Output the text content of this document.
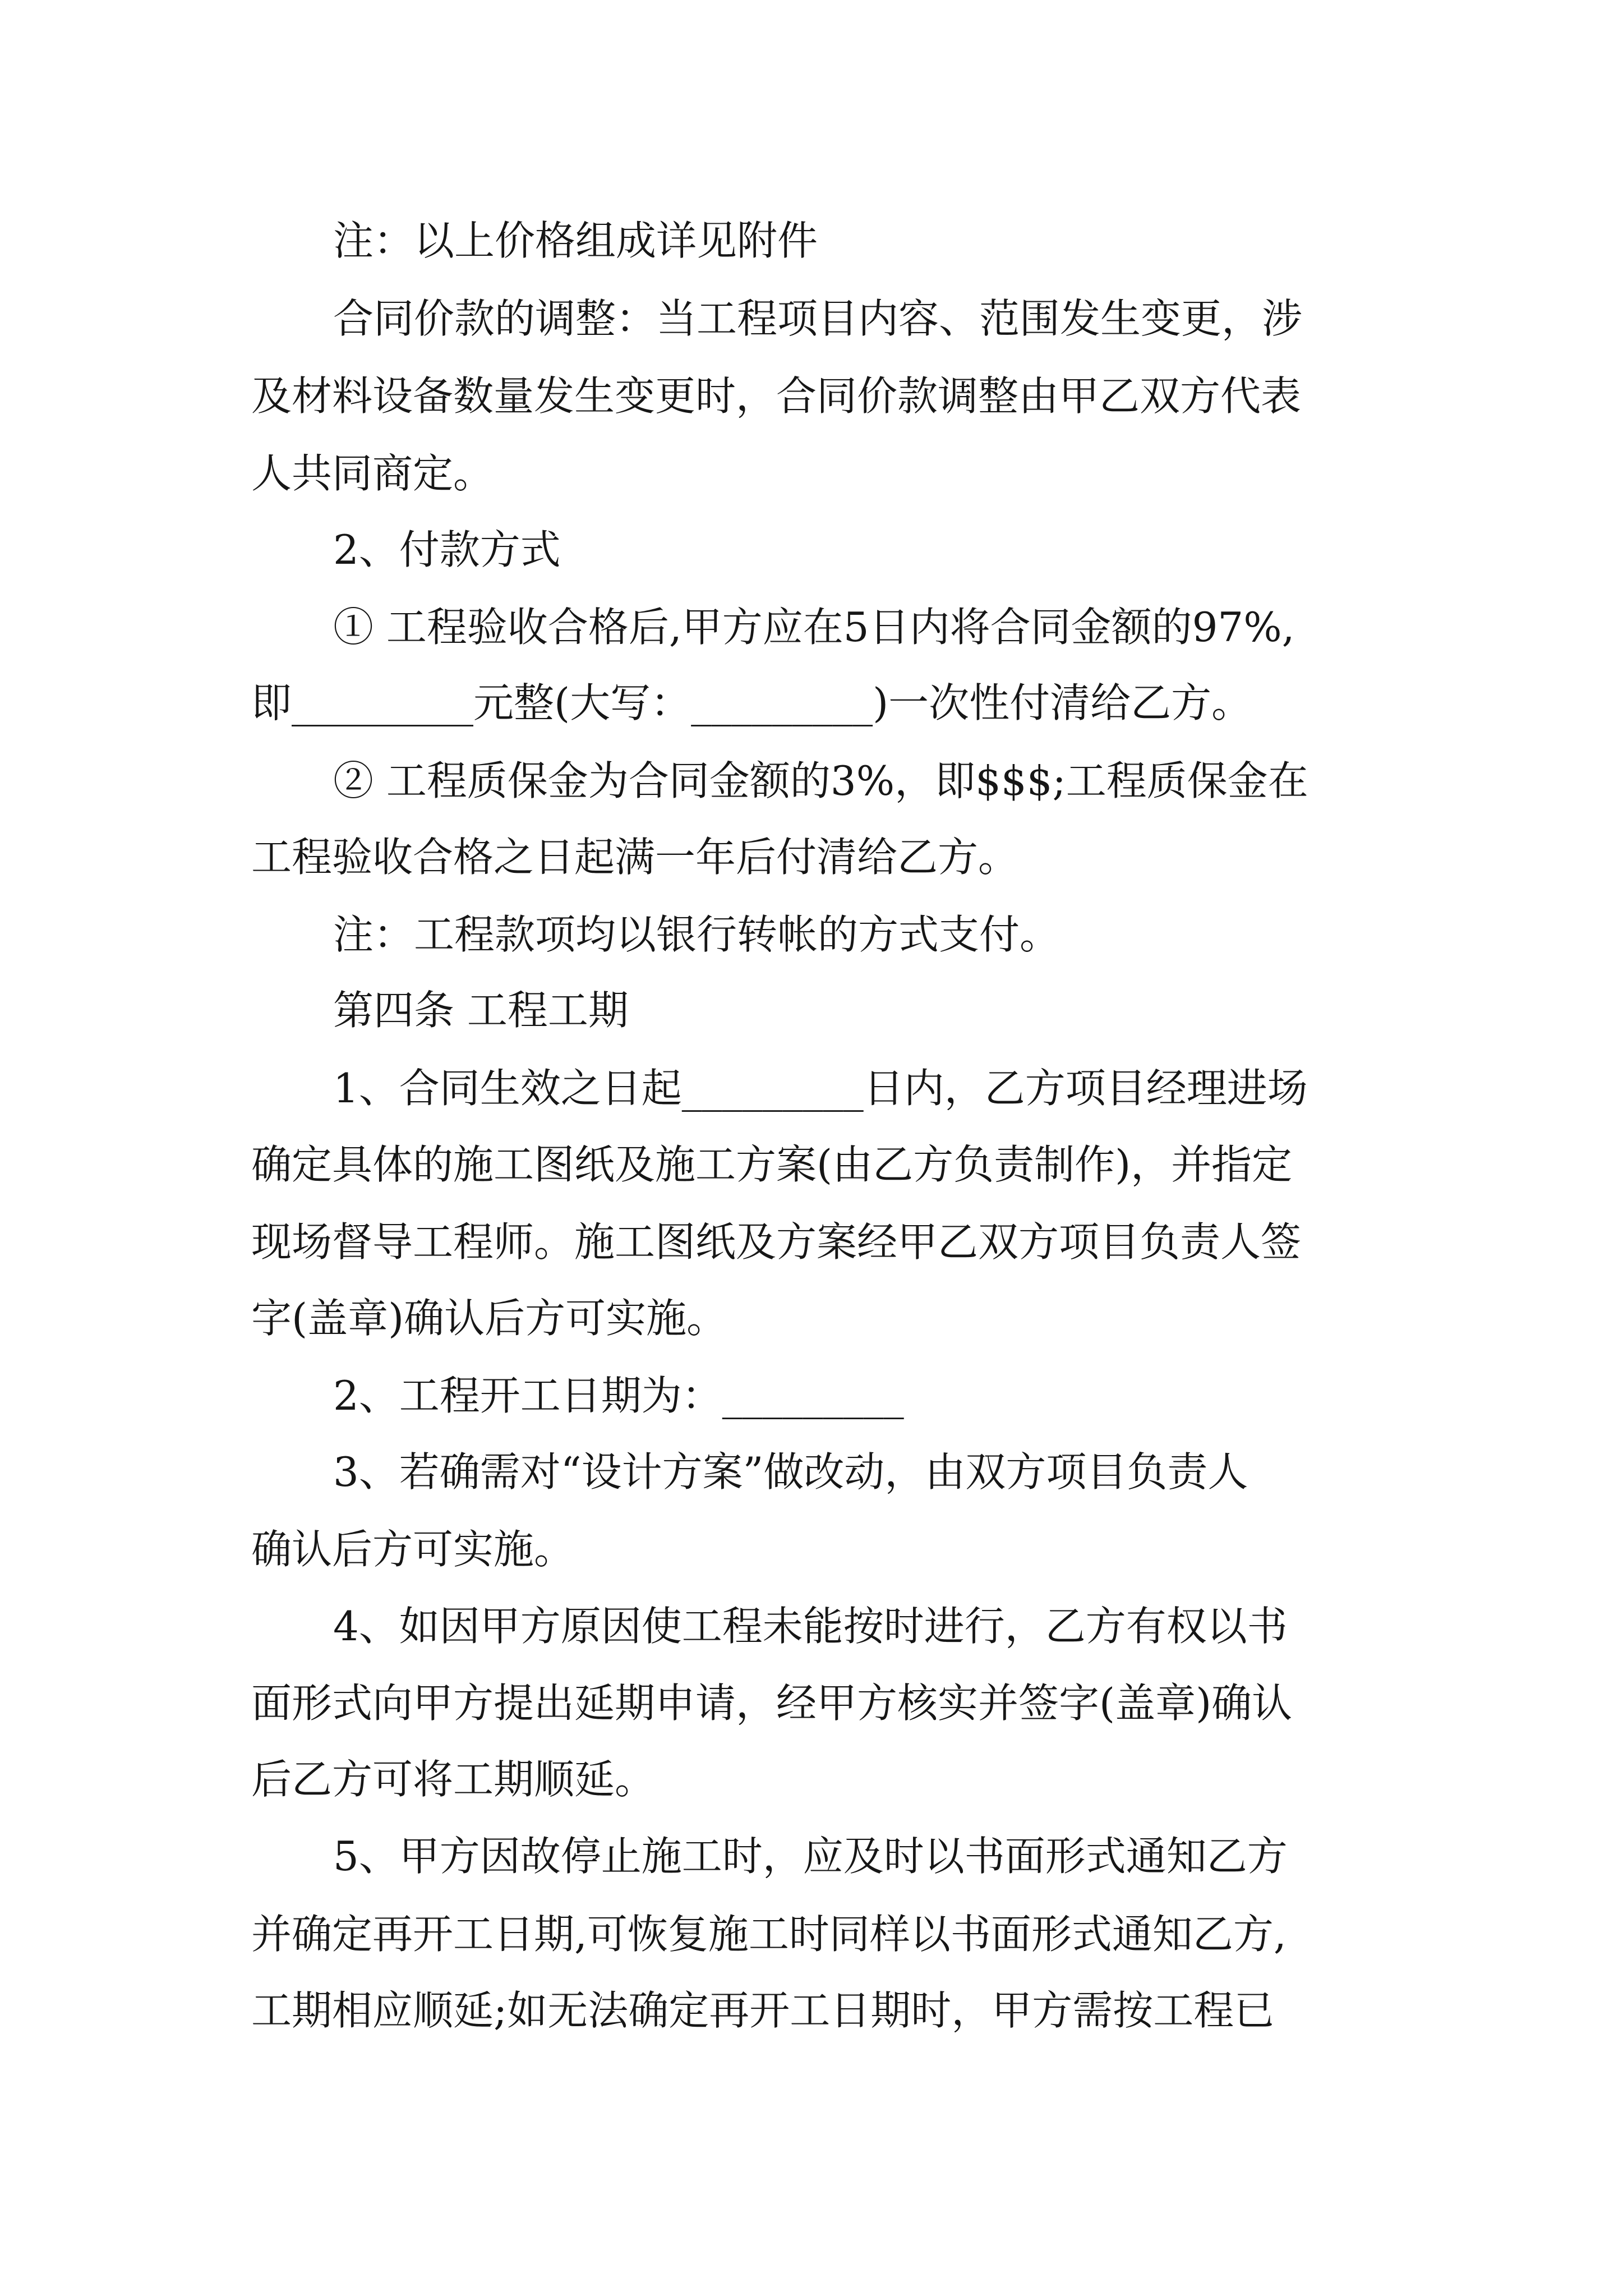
注：以上价格组成详见附件

合同价款的调整：当工程项目内容、范围发生变更，涉

及材料设备数量发生变更时，合同价款调整由甲乙双方代表

人共同商定。

2、付款方式

① 工程验收合格后,甲方应在5日内将合同金额的97%,

即_________元整(大写：_________)一次性付清给乙方。

② 工程质保金为合同金额的3%，即$$$;工程质保金在

工程验收合格之日起满一年后付清给乙方。

注：工程款项均以银行转帐的方式支付。

第四条 工程工期

1、合同生效之日起_________日内，乙方项目经理进场

确定具体的施工图纸及施工方案(由乙方负责制作)，并指定

现场督导工程师。施工图纸及方案经甲乙双方项目负责人签

字(盖章)确认后方可实施。

2、工程开工日期为：_________

3、若确需对“设计方案”做改动，由双方项目负责人

确认后方可实施。

4、如因甲方原因使工程未能按时进行，乙方有权以书

面形式向甲方提出延期申请，经甲方核实并签字(盖章)确认

后乙方可将工期顺延。

5、甲方因故停止施工时，应及时以书面形式通知乙方

并确定再开工日期,可恢复施工时同样以书面形式通知乙方,

工期相应顺延;如无法确定再开工日期时，甲方需按工程已
